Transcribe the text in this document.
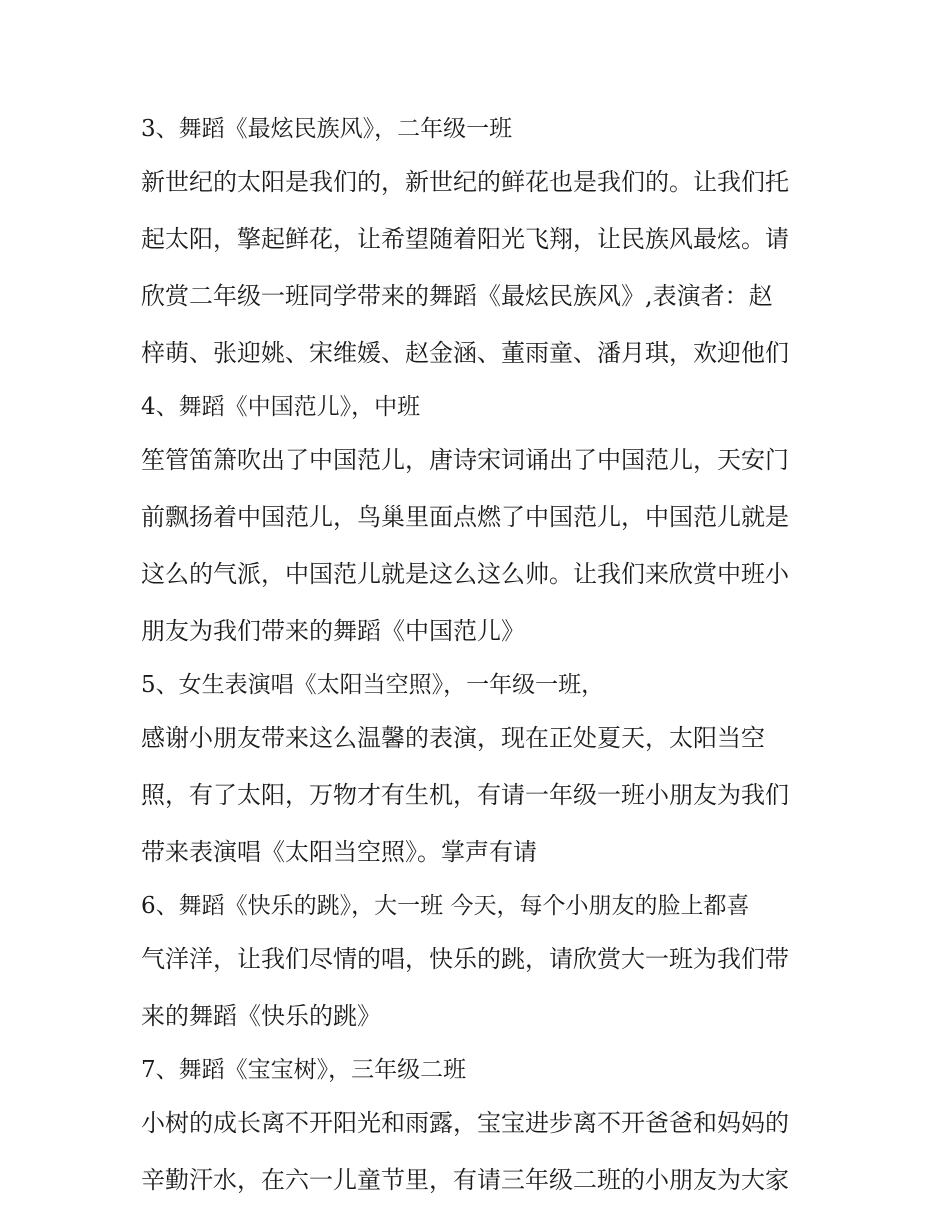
3、舞蹈《最炫民族风》，二年级一班
新世纪的太阳是我们的，新世纪的鲜花也是我们的。让我们托
起太阳，擎起鲜花，让希望随着阳光飞翔，让民族风最炫。请
欣赏二年级一班同学带来的舞蹈《最炫民族风》,表演者：赵
梓萌、张迎姚、宋维媛、赵金涵、董雨童、潘月琪，欢迎他们
4、舞蹈《中国范儿》，中班
笙管笛箫吹出了中国范儿，唐诗宋词诵出了中国范儿，天安门
前飘扬着中国范儿，鸟巢里面点燃了中国范儿，中国范儿就是
这么的气派，中国范儿就是这么这么帅。让我们来欣赏中班小
朋友为我们带来的舞蹈《中国范儿》
5、女生表演唱《太阳当空照》，一年级一班，
感谢小朋友带来这么温馨的表演，现在正处夏天，太阳当空
照，有了太阳，万物才有生机，有请一年级一班小朋友为我们
带来表演唱《太阳当空照》。掌声有请
6、舞蹈《快乐的跳》，大一班 今天，每个小朋友的脸上都喜
气洋洋，让我们尽情的唱，快乐的跳，请欣赏大一班为我们带
来的舞蹈《快乐的跳》
7、舞蹈《宝宝树》，三年级二班
小树的成长离不开阳光和雨露，宝宝进步离不开爸爸和妈妈的
辛勤汗水，在六一儿童节里，有请三年级二班的小朋友为大家
